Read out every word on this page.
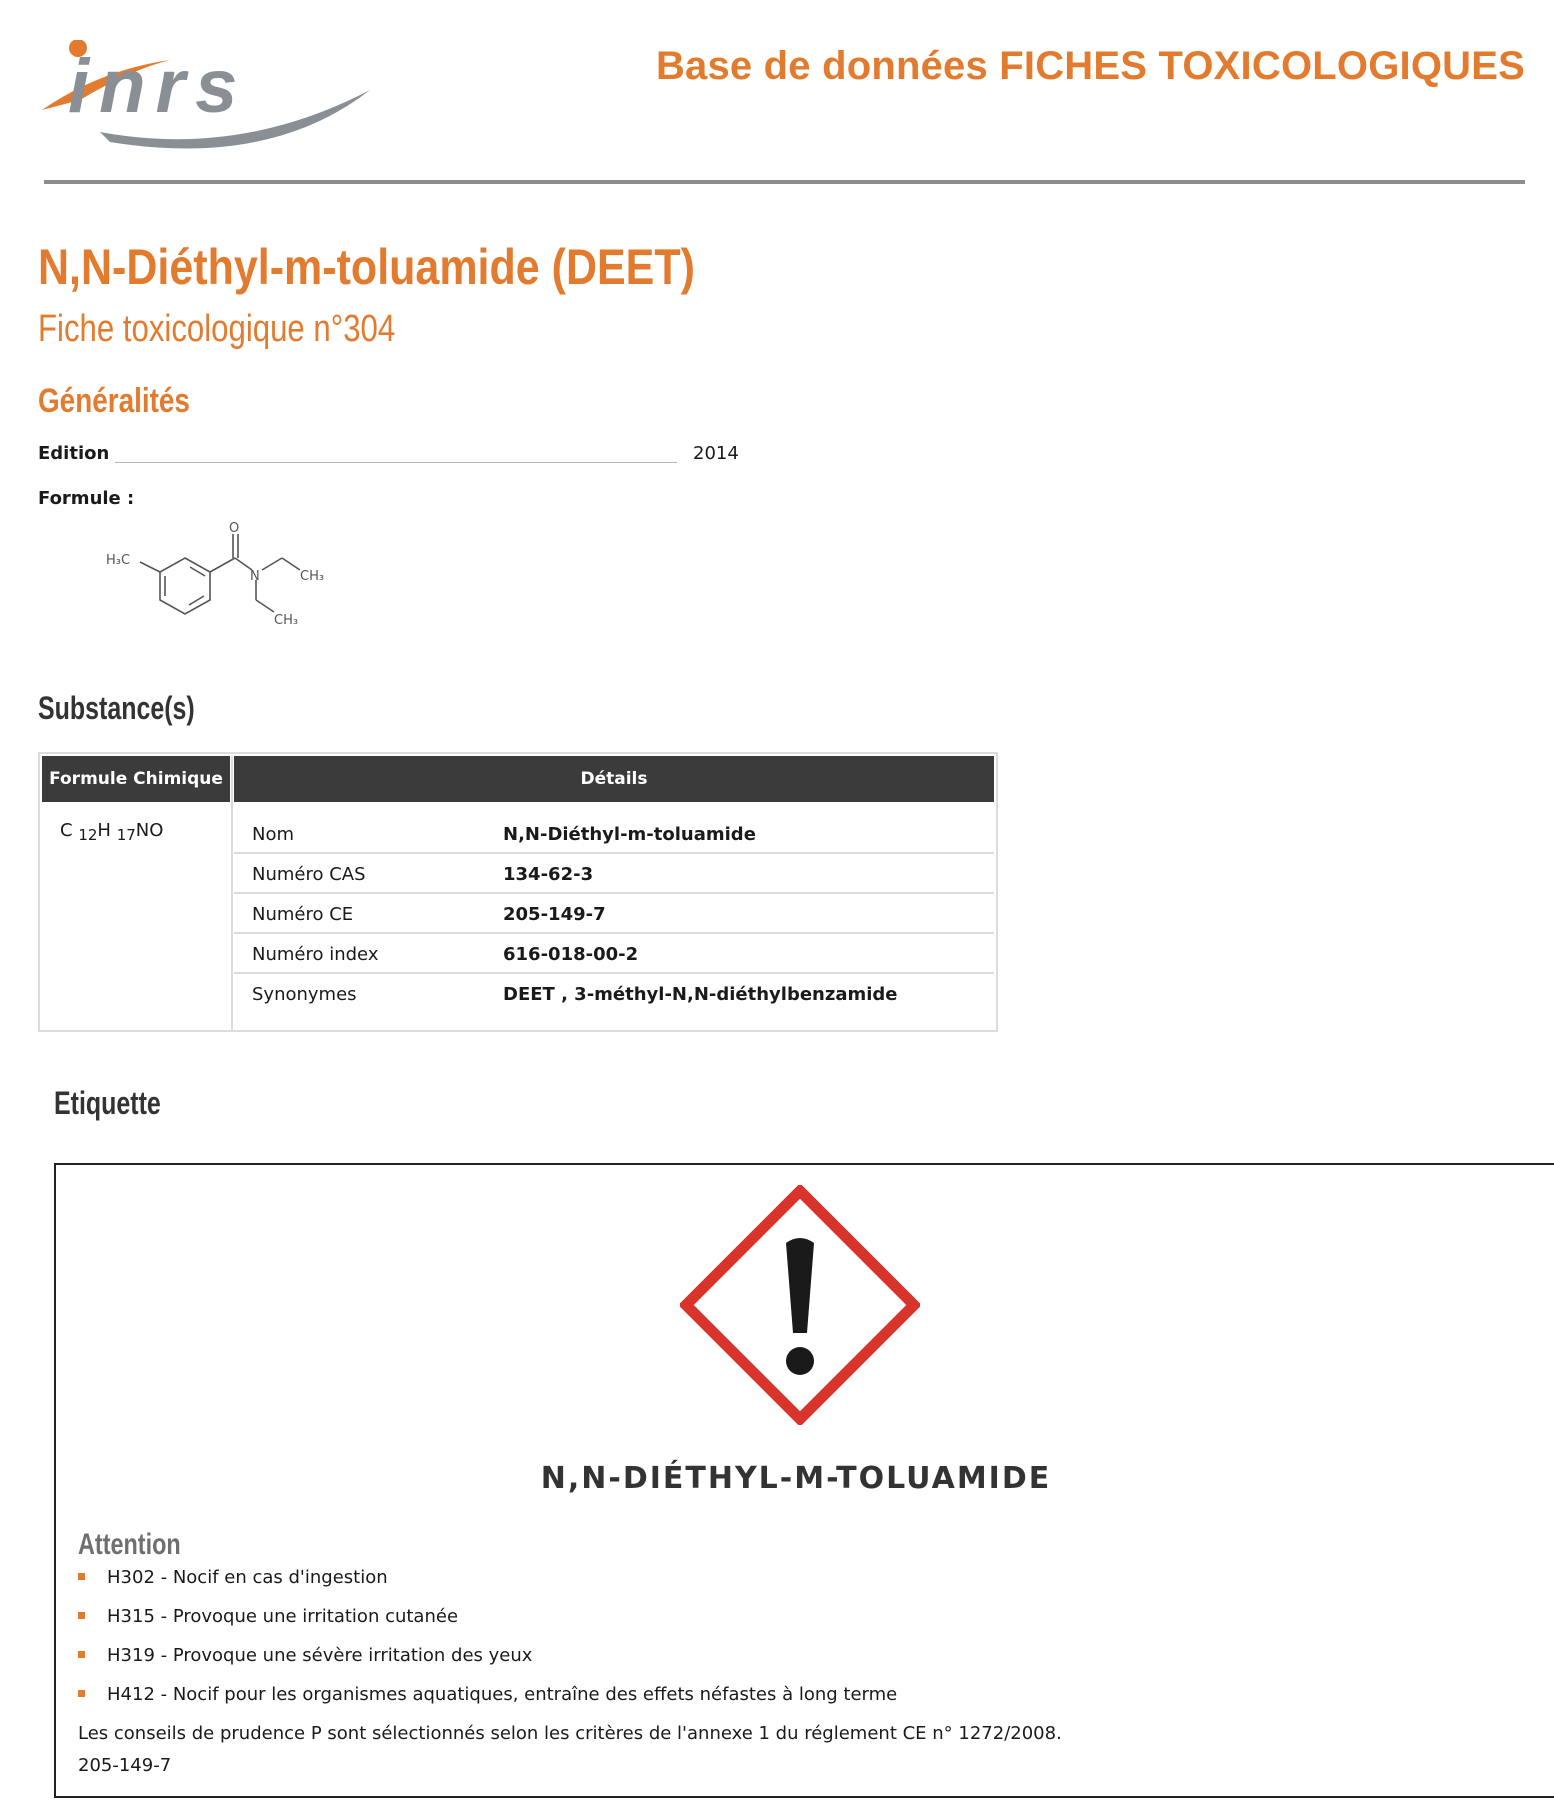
inrs	Base de données FICHES TOXICOLOGIQUES
N,N-Diéthyl-m-toluamide (DEET)
Fiche toxicologique n°304
Généralités
Edition	2014
Formule :
O
N
H₃C
CH₃
CH₃
Substance(s)
Formule Chimique	Détails
C $_{12}$H $_{17}$NO	Nom	N,N-Diéthyl-m-toluamide
Numéro CAS	134-62-3
Numéro CE	205-149-7
Numéro index	616-018-00-2
Synonymes	DEET , 3-méthyl-N,N-diéthylbenzamide
Etiquette
N,N-DIÉTHYL-M-TOLUAMIDE
Attention
H302 - Nocif en cas d'ingestion
H315 - Provoque une irritation cutanée
H319 - Provoque une sévère irritation des yeux
H412 - Nocif pour les organismes aquatiques, entraîne des effets néfastes à long terme
Les conseils de prudence P sont sélectionnés selon les critères de l'annexe 1 du réglement CE n° 1272/2008.
205-149-7
